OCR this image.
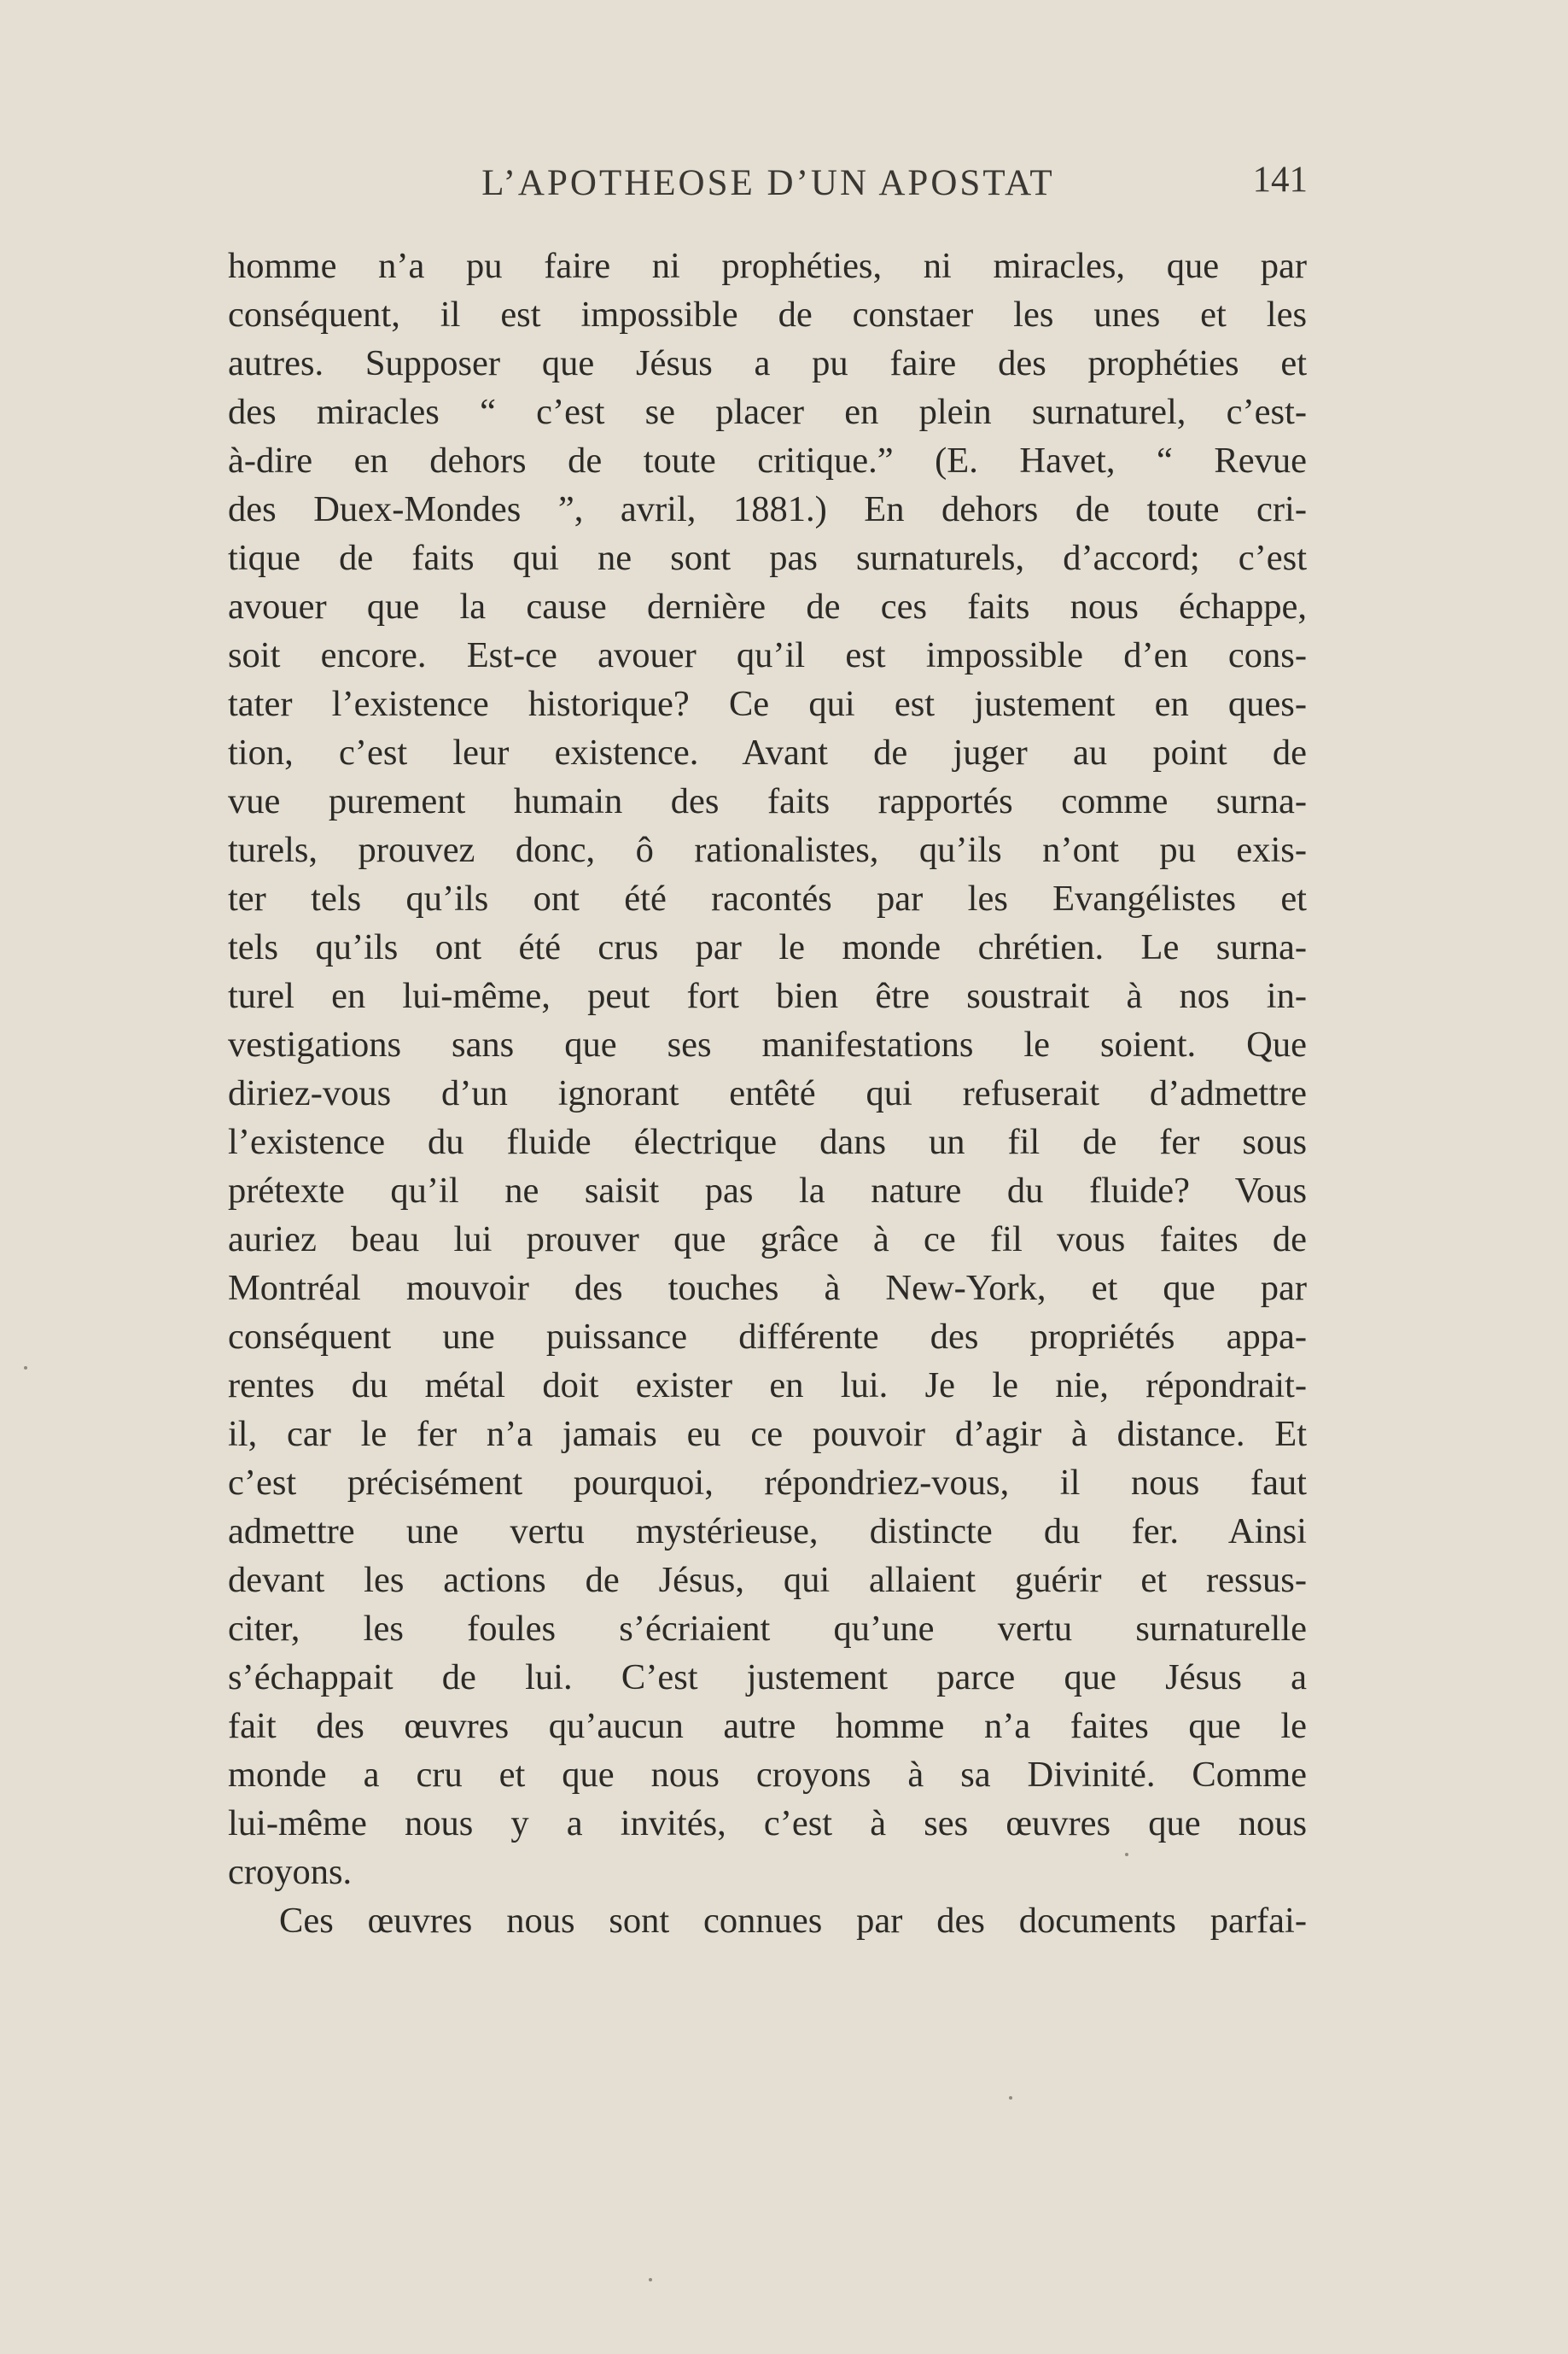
L’APOTHEOSE D’UN APOSTAT	141
homme n’a pu faire ni prophéties, ni miracles, que par
conséquent, il est impossible de constaer les unes et les
autres. Supposer que Jésus a pu faire des prophéties et
des miracles “ c’est se placer en plein surnaturel, c’est-
à-dire en dehors de toute critique.” (E. Havet, “ Revue
des Duex-Mondes ”, avril, 1881.) En dehors de toute cri-
tique de faits qui ne sont pas surnaturels, d’accord; c’est
avouer que la cause dernière de ces faits nous échappe,
soit encore. Est-ce avouer qu’il est impossible d’en cons-
tater l’existence historique? Ce qui est justement en ques-
tion, c’est leur existence. Avant de juger au point de
vue purement humain des faits rapportés comme surna-
turels, prouvez donc, ô rationalistes, qu’ils n’ont pu exis-
ter tels qu’ils ont été racontés par les Evangélistes et
tels qu’ils ont été crus par le monde chrétien. Le surna-
turel en lui-même, peut fort bien être soustrait à nos in-
vestigations sans que ses manifestations le soient. Que
diriez-vous d’un ignorant entêté qui refuserait d’admettre
l’existence du fluide électrique dans un fil de fer sous
prétexte qu’il ne saisit pas la nature du fluide? Vous
auriez beau lui prouver que grâce à ce fil vous faites de
Montréal mouvoir des touches à New-York, et que par
conséquent une puissance différente des propriétés appa-
rentes du métal doit exister en lui. Je le nie, répondrait-
il, car le fer n’a jamais eu ce pouvoir d’agir à distance. Et
c’est précisément pourquoi, répondriez-vous, il nous faut
admettre une vertu mystérieuse, distincte du fer. Ainsi
devant les actions de Jésus, qui allaient guérir et ressus-
citer, les foules s’écriaient qu’une vertu surnaturelle
s’échappait de lui. C’est justement parce que Jésus a
fait des œuvres qu’aucun autre homme n’a faites que le
monde a cru et que nous croyons à sa Divinité. Comme
lui-même nous y a invités, c’est à ses œuvres que nous
croyons.
Ces œuvres nous sont connues par des documents parfai-
